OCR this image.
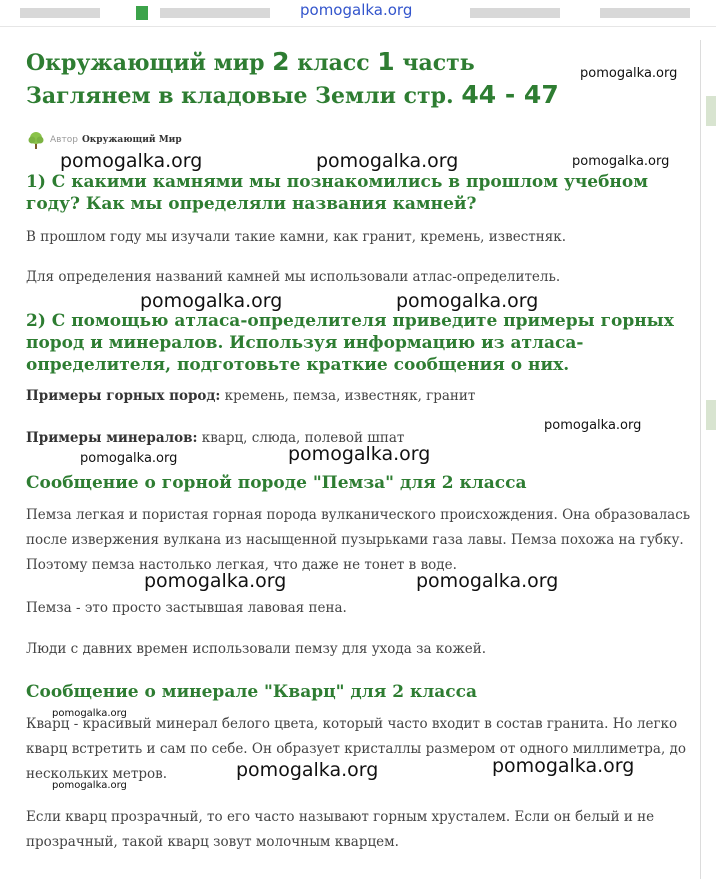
pomogalka.org
Окружающий мир 2 класс 1 часть Заглянем в кладовые Земли стр. 44 - 47
Автор Окружающий Мир
1) С какими камнями мы познакомились в прошлом учебном году? Как мы определяли названия камней?

В прошлом году мы изучали такие камни, как гранит, кремень, известняк.

Для определения названий камней мы использовали атлас-определитель.

2) С помощью атласа-определителя приведите примеры горных пород и минералов. Используя информацию из атласа-определителя, подготовьте краткие сообщения о них.

Примеры горных пород: кремень, пемза, известняк, гранит

Примеры минералов: кварц, слюда, полевой шпат

Сообщение о горной породе "Пемза" для 2 класса

Пемза легкая и пористая горная порода вулканического происхождения. Она образовалась после извержения вулкана из насыщенной пузырьками газа лавы. Пемза похожа на губку. Поэтому пемза настолько легкая, что даже не тонет в воде.

Пемза - это просто застывшая лавовая пена.

Люди с давних времен использовали пемзу для ухода за кожей.

Сообщение о минерале "Кварц" для 2 класса

Кварц - красивый минерал белого цвета, который часто входит в состав гранита. Но легко кварц встретить и сам по себе. Он образует кристаллы размером от одного миллиметра, до нескольких метров.

Если кварц прозрачный, то его часто называют горным хрусталем. Если он белый и не прозрачный, такой кварц зовут молочным кварцем.

pomogalka.org
pomogalka.org	pomogalka.org	pomogalka.org
pomogalka.org	pomogalka.org
pomogalka.org
pomogalka.org
pomogalka.org
pomogalka.org	pomogalka.org
pomogalka.org
pomogalka.org
pomogalka.org
pomogalka.org
